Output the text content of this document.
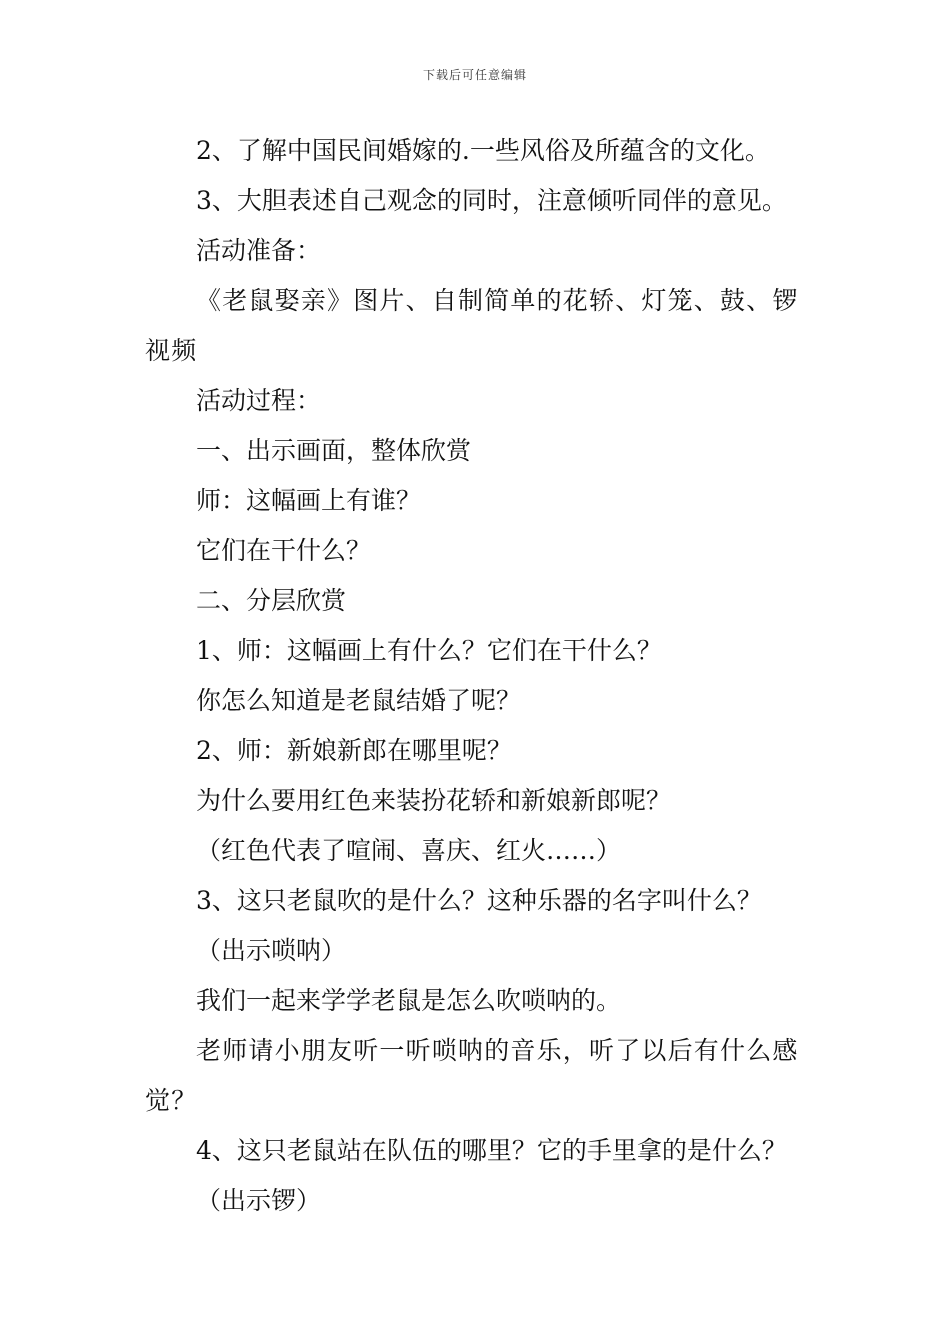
下载后可任意编辑

2、了解中国民间婚嫁的.一些风俗及所蕴含的文化。

3、大胆表述自己观念的同时，注意倾听同伴的意见。

活动准备：

《老鼠娶亲》图片、自制简单的花轿、灯笼、鼓、锣视频

活动过程：

一、出示画面，整体欣赏

师：这幅画上有谁？

它们在干什么？

二、分层欣赏

1、师：这幅画上有什么？它们在干什么？

你怎么知道是老鼠结婚了呢？

2、师：新娘新郎在哪里呢？

为什么要用红色来装扮花轿和新娘新郎呢？

（红色代表了喧闹、喜庆、红火……）

3、这只老鼠吹的是什么？这种乐器的名字叫什么？

（出示唢呐）

我们一起来学学老鼠是怎么吹唢呐的。

老师请小朋友听一听唢呐的音乐，听了以后有什么感觉？

4、这只老鼠站在队伍的哪里？它的手里拿的是什么？

（出示锣）
